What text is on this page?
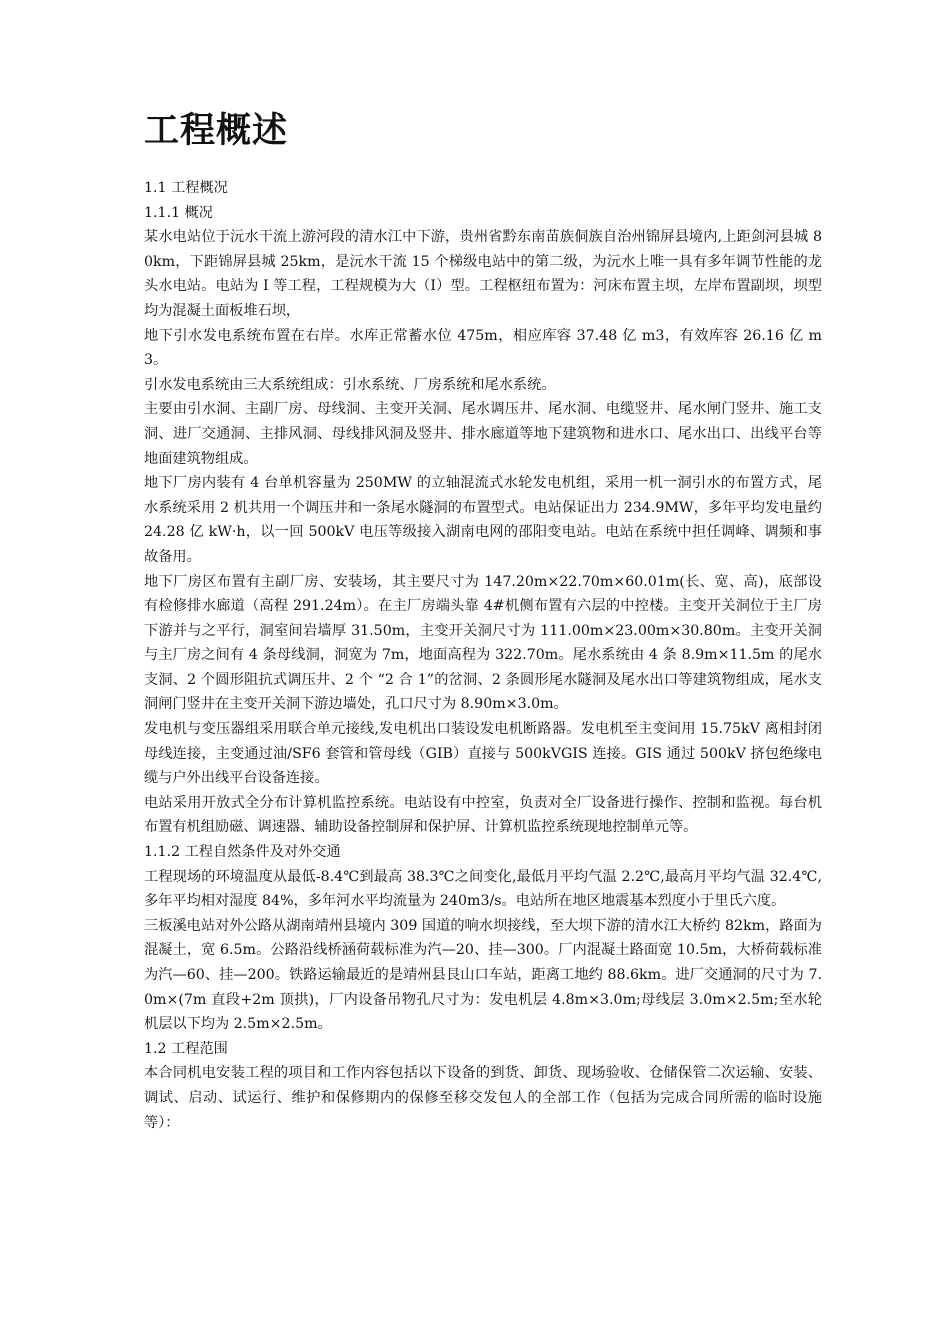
工程概述

1.1 工程概况

1.1.1 概况

某水电站位于沅水干流上游河段的清水江中下游，贵州省黔东南苗族侗族自治州锦屏县境内,上距剑河县城 80km，下距锦屏县城 25km，是沅水干流 15 个梯级电站中的第二级，为沅水上唯一具有多年调节性能的龙头水电站。电站为 I 等工程，工程规模为大（I）型。工程枢纽布置为：河床布置主坝，左岸布置副坝，坝型均为混凝土面板堆石坝，

地下引水发电系统布置在右岸。水库正常蓄水位 475m，相应库容 37.48 亿 m3，有效库容 26.16 亿 m3。

引水发电系统由三大系统组成：引水系统、厂房系统和尾水系统。

主要由引水洞、主副厂房、母线洞、主变开关洞、尾水调压井、尾水洞、电缆竖井、尾水闸门竖井、施工支洞、进厂交通洞、主排风洞、母线排风洞及竖井、排水廊道等地下建筑物和进水口、尾水出口、出线平台等地面建筑物组成。

地下厂房内装有 4 台单机容量为 250MW 的立轴混流式水轮发电机组，采用一机一洞引水的布置方式，尾水系统采用 2 机共用一个调压井和一条尾水隧洞的布置型式。电站保证出力 234.9MW，多年平均发电量约 24.28 亿 kW·h，以一回 500kV 电压等级接入湖南电网的邵阳变电站。电站在系统中担任调峰、调频和事故备用。

地下厂房区布置有主副厂房、安装场，其主要尺寸为 147.20m×22.70m×60.01m(长、宽、高)，底部设有检修排水廊道（高程 291.24m）。在主厂房端头靠 4#机侧布置有六层的中控楼。主变开关洞位于主厂房下游并与之平行，洞室间岩墙厚 31.50m，主变开关洞尺寸为 111.00m×23.00m×30.80m。主变开关洞与主厂房之间有 4 条母线洞，洞宽为 7m，地面高程为 322.70m。尾水系统由 4 条 8.9m×11.5m 的尾水支洞、2 个圆形阻抗式调压井、2 个 “2 合 1”的岔洞、2 条圆形尾水隧洞及尾水出口等建筑物组成，尾水支洞闸门竖井在主变开关洞下游边墙处，孔口尺寸为 8.90m×3.0m。

发电机与变压器组采用联合单元接线,发电机出口装设发电机断路器。发电机至主变间用 15.75kV 离相封闭母线连接，主变通过油/SF6 套管和管母线（GIB）直接与 500kVGIS 连接。GIS 通过 500kV 挤包绝缘电缆与户外出线平台设备连接。

电站采用开放式全分布计算机监控系统。电站设有中控室，负责对全厂设备进行操作、控制和监视。每台机布置有机组励磁、调速器、辅助设备控制屏和保护屏、计算机监控系统现地控制单元等。

1.1.2 工程自然条件及对外交通

工程现场的环境温度从最低-8.4℃到最高 38.3℃之间变化,最低月平均气温 2.2℃,最高月平均气温 32.4℃,多年平均相对湿度 84%，多年河水平均流量为 240m3/s。电站所在地区地震基本烈度小于里氏六度。

三板溪电站对外公路从湖南靖州县境内 309 国道的响水坝接线，至大坝下游的清水江大桥约 82km，路面为混凝土，宽 6.5m。公路沿线桥涵荷载标准为汽—20、挂—300。厂内混凝土路面宽 10.5m，大桥荷载标准为汽—60、挂—200。铁路运输最近的是靖州县艮山口车站，距离工地约 88.6km。进厂交通洞的尺寸为 7.0m×(7m 直段+2m 顶拱)，厂内设备吊物孔尺寸为：发电机层 4.8m×3.0m;母线层 3.0m×2.5m;至水轮机层以下均为 2.5m×2.5m。

1.2 工程范围

本合同机电安装工程的项目和工作内容包括以下设备的到货、卸货、现场验收、仓储保管二次运输、安装、调试、启动、试运行、维护和保修期内的保修至移交发包人的全部工作（包括为完成合同所需的临时设施等）：
